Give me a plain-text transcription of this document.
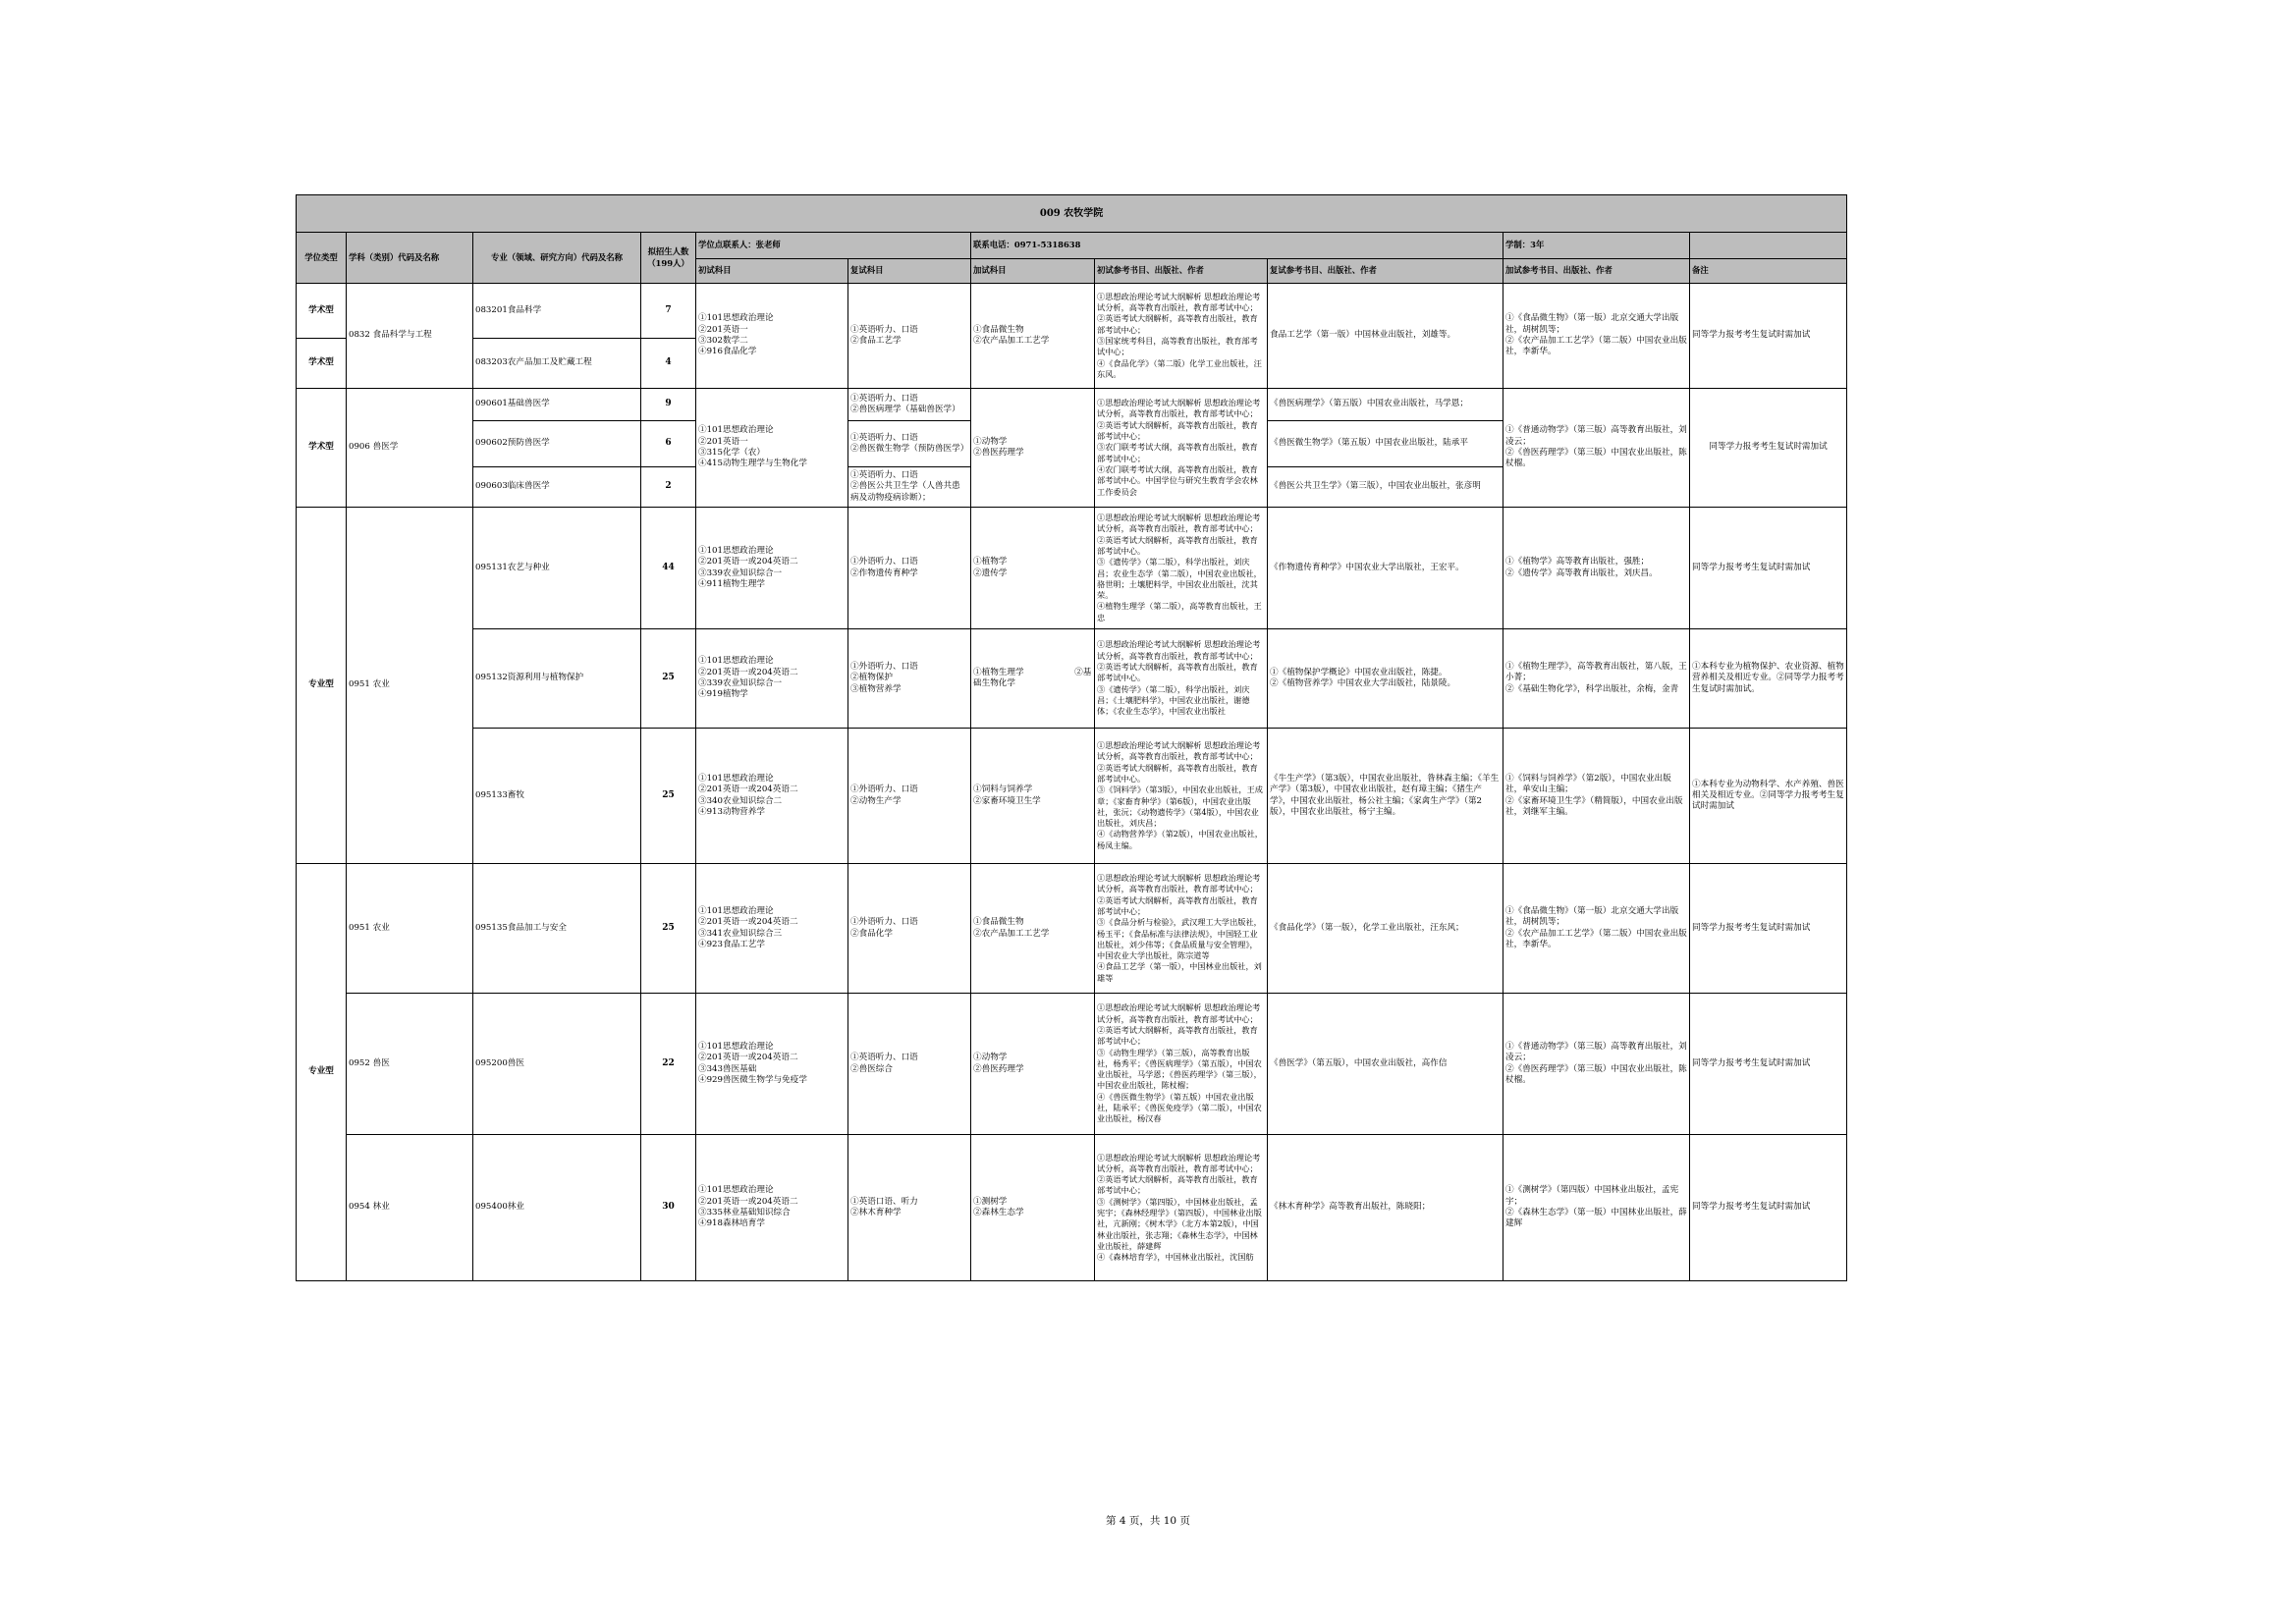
009 农牧学院										
学位类型	学科（类别）代码及名称	专业（领域、研究方向）代码及名称	拟招生人数（199人）	学位点联系人：张老师		联系电话：0971-5318638			学制：3年	
				初试科目	复试科目	加试科目	初试参考书目、出版社、作者	复试参考书目、出版社、作者	加试参考书目、出版社、作者	备注
学术型	0832 食品科学与工程	083201食品科学	7	①101思想政治理论
②201英语一
③302数学二
④916食品化学	①英语听力、口语
②食品工艺学	①食品微生物
②农产品加工工艺学	①思想政治理论考试大纲解析 思想政治理论考试分析，高等教育出版社，教育部考试中心；
②英语考试大纲解析，高等教育出版社，教育部考试中心；
③国家统考科目，高等教育出版社，教育部考试中心；
④《食品化学》（第二版）化学工业出版社，汪东风。	食品工艺学（第一版）中国林业出版社，刘雄等。	①《食品微生物》（第一版）北京交通大学出版社，胡树凯等；
②《农产品加工工艺学》（第二版）中国农业出版社，李新华。	同等学力报考考生复试时需加试
学术型		083203农产品加工及贮藏工程	4							
学术型	0906 兽医学	090601基础兽医学	9	①101思想政治理论
②201英语一
③315化学（农）
④415动物生理学与生物化学	①英语听力、口语
②兽医病理学（基础兽医学）	①动物学
②兽医药理学	①思想政治理论考试大纲解析 思想政治理论考试分析，高等教育出版社，教育部考试中心；
②英语考试大纲解析，高等教育出版社，教育部考试中心；
③农门联考考试大纲，高等教育出版社，教育部考试中心；
④农门联考考试大纲，高等教育出版社，教育部考试中心。中国学位与研究生教育学会农林工作委员会	《兽医病理学》（第五版）中国农业出版社，马学恩；	①《普通动物学》（第三版）高等教育出版社，刘凌云；
②《兽医药理学》（第三版）中国农业出版社，陈杖榴。	同等学力报考考生复试时需加试
		090602预防兽医学	6		①英语听力、口语
②兽医微生物学（预防兽医学）			《兽医微生物学》（第五版）中国农业出版社，陆承平		

		090603临床兽医学	2		①英语听力、口语
②兽医公共卫生学（人兽共患病及动物疫病诊断）；			《兽医公共卫生学》（第三版），中国农业出版社，张彦明		

专业型	0951 农业	095131农艺与种业	44	①101思想政治理论
②201英语一或204英语二
③339农业知识综合一
④911植物生理学	①外语听力、口语
②作物遗传育种学	①植物学
②遗传学	①思想政治理论考试大纲解析 思想政治理论考试分析，高等教育出版社，教育部考试中心；
②英语考试大纲解析，高等教育出版社，教育部考试中心。
③《遗传学》（第二版），科学出版社，刘庆昌；农业生态学（第二版），中国农业出版社，骆世明；土壤肥料学，中国农业出版社，沈其荣。
④植物生理学（第二版），高等教育出版社，王忠	《作物遗传育种学》中国农业大学出版社，王宏平。	①《植物学》高等教育出版社，强胜；
②《遗传学》高等教育出版社，刘庆昌。	同等学力报考考生复试时需加试
		095132资源利用与植物保护	25	①101思想政治理论
②201英语一或204英语二
③339农业知识综合一
④919植物学	①外语听力、口语
②植物保护
③植物营养学	①植物生理学　　　　　　②基础生物化学	①思想政治理论考试大纲解析 思想政治理论考试分析，高等教育出版社，教育部考试中心；
②英语考试大纲解析，高等教育出版社，教育部考试中心。
③《遗传学》（第二版），科学出版社，刘庆昌；《土壤肥料学》，中国农业出版社，谢德体；《农业生态学》，中国农业出版社	①《植物保护学概论》中国农业出版社，陈捷。
②《植物营养学》中国农业大学出版社，陆景陵。	①《植物生理学》，高等教育出版社，第八版，王小菁；
②《基础生物化学》，科学出版社，余梅，金青	①本科专业为植物保护、农业资源、植物营养相关及相近专业。②同等学力报考考生复试时需加试。
		095133畜牧	25	①101思想政治理论
②201英语一或204英语二
③340农业知识综合二
④913动物营养学	①外语听力、口语
②动物生产学	①饲料与饲养学
②家畜环境卫生学	①思想政治理论考试大纲解析 思想政治理论考试分析，高等教育出版社，教育部考试中心；
②英语考试大纲解析，高等教育出版社，教育部考试中心。
③《饲料学》（第3版），中国农业出版社，王成章；《家畜育种学》（第6版），中国农业出版社，张沅；《动物遗传学》（第4版），中国农业出版社，刘庆昌；
④《动物营养学》（第2版），中国农业出版社，杨凤主编。	《牛生产学》（第3版），中国农业出版社，昝林森主编；《羊生产学》（第3版），中国农业出版社，赵有璋主编；《猪生产学》，中国农业出版社，杨公社主编；《家禽生产学》（第2版），中国农业出版社，杨宁主编。	①《饲料与饲养学》（第2版），中国农业出版社，单安山主编；
②《家畜环境卫生学》（精简版），中国农业出版社，刘继军主编。	①本科专业为动物科学、水产养殖、兽医相关及相近专业。②同等学力报考考生复试时需加试
专业型	0951 农业	095135食品加工与安全	25	①101思想政治理论
②201英语一或204英语二
③341农业知识综合三
④923食品工艺学	①外语听力、口语
②食品化学	①食品微生物
②农产品加工工艺学	①思想政治理论考试大纲解析 思想政治理论考试分析，高等教育出版社，教育部考试中心；
②英语考试大纲解析，高等教育出版社，教育部考试中心；
③《食品分析与检验》，武汉理工大学出版社，杨玉平；《食品标准与法律法规》，中国轻工业出版社，刘少伟等；《食品质量与安全管理》，中国农业大学出版社，陈宗道等
④食品工艺学（第一版），中国林业出版社，刘雄等	《食品化学》（第一版），化学工业出版社，汪东风；	①《食品微生物》（第一版）北京交通大学出版社，胡树凯等；
②《农产品加工工艺学》（第二版）中国农业出版社，李新华。	同等学力报考考生复试时需加试
	0952 兽医	095200兽医	22	①101思想政治理论
②201英语一或204英语二
③343兽医基础
④929兽医微生物学与免疫学	①英语听力、口语
②兽医综合	①动物学
②兽医药理学	①思想政治理论考试大纲解析 思想政治理论考试分析，高等教育出版社，教育部考试中心；
②英语考试大纲解析，高等教育出版社，教育部考试中心；
③《动物生理学》（第三版），高等教育出版社，杨秀平；《兽医病理学》（第五版），中国农业出版社，马学恩；《兽医药理学》（第三版），中国农业出版社，陈杖榴；
④《兽医微生物学》（第五版）中国农业出版社，陆承平；《兽医免疫学》（第二版），中国农业出版社，杨汉春	《兽医学》（第五版），中国农业出版社，高作信	①《普通动物学》（第三版）高等教育出版社，刘凌云；
②《兽医药理学》（第三版）中国农业出版社，陈杖榴。	同等学力报考考生复试时需加试
	0954 林业	095400林业	30	①101思想政治理论
②201英语一或204英语二
③335林业基础知识综合
④918森林培育学	①英语口语、听力
②林木育种学	①测树学
②森林生态学	①思想政治理论考试大纲解析 思想政治理论考试分析，高等教育出版社，教育部考试中心；
②英语考试大纲解析，高等教育出版社，教育部考试中心；
③《测树学》（第四版），中国林业出版社，孟宪宇；《森林经理学》（第四版），中国林业出版社，亢新刚；《树木学》（北方本第2版），中国林业出版社，张志翔；《森林生态学》，中国林业出版社，薛建辉
④《森林培育学》，中国林业出版社，沈国舫	《林木育种学》高等教育出版社，陈晓阳；	①《测树学》（第四版）中国林业出版社，孟宪宇；
②《森林生态学》（第一版）中国林业出版社，薛建辉	同等学力报考考生复试时需加试
第 4 页，共 10 页
